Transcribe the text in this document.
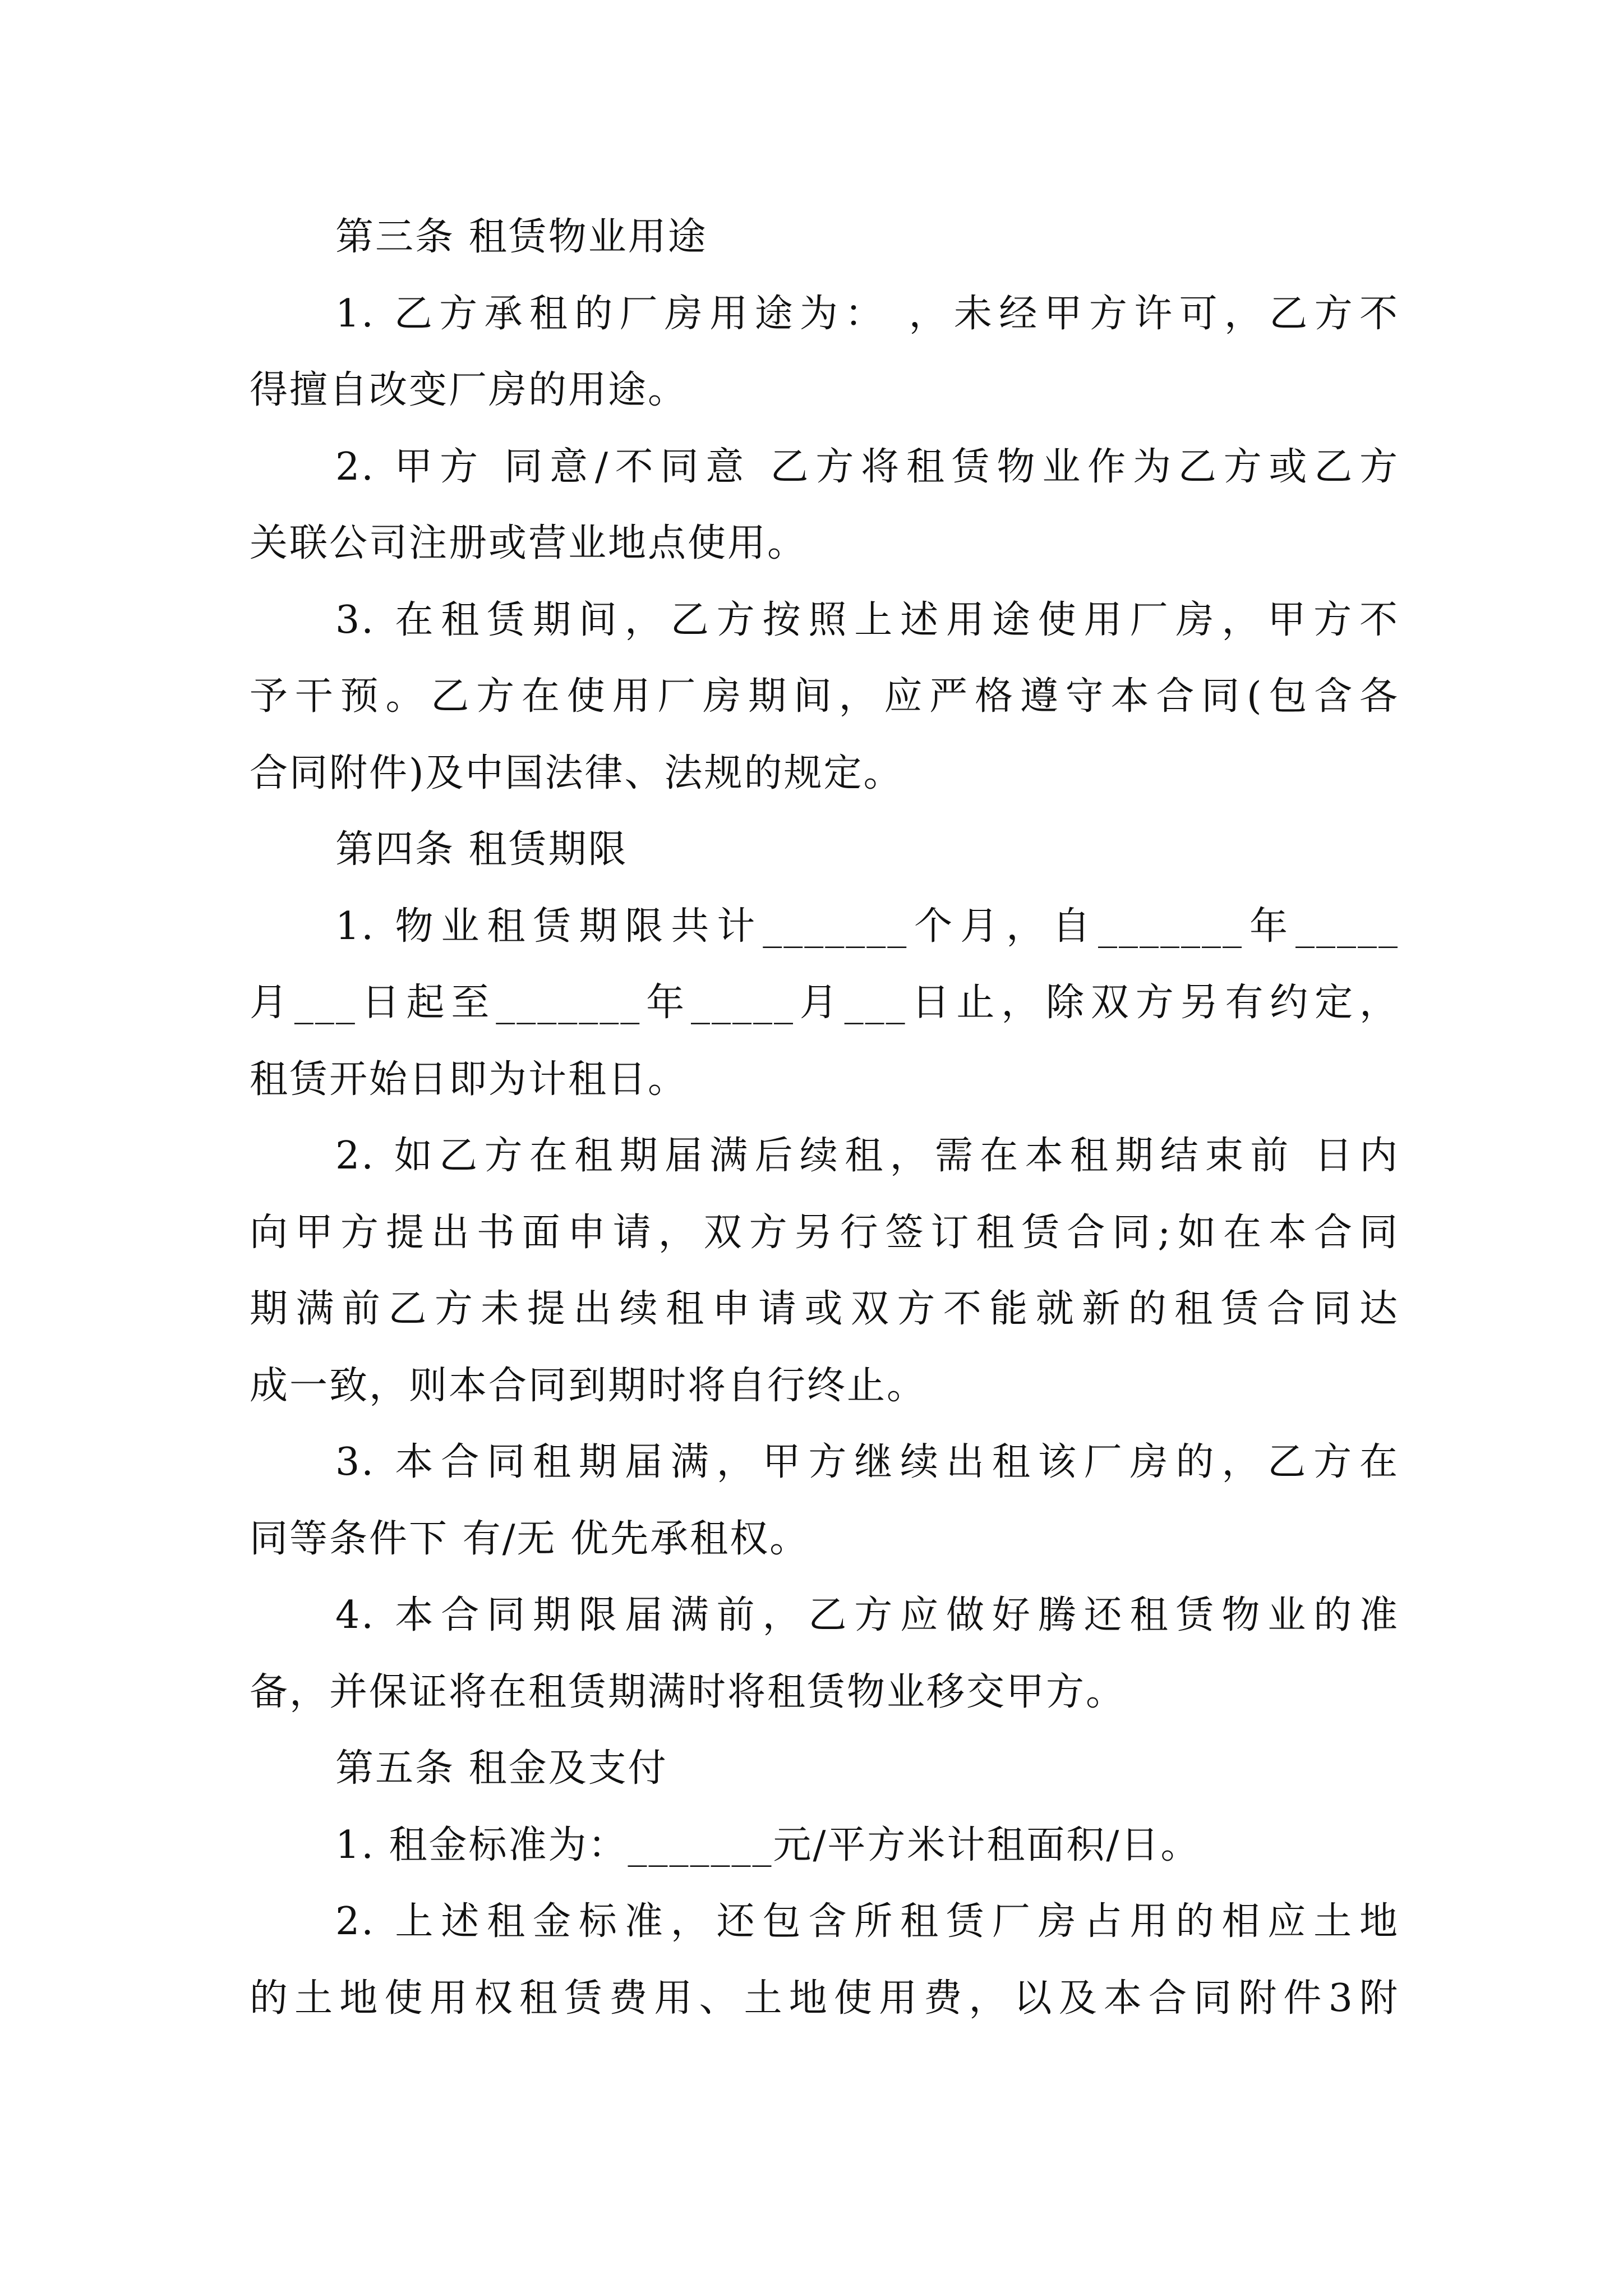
第三条 租赁物业用途
1. 乙方承租的厂房用途为： ，未经甲方许可，乙方不
得擅自改变厂房的用途。
2. 甲方 同意/不同意 乙方将租赁物业作为乙方或乙方
关联公司注册或营业地点使用。
3. 在租赁期间，乙方按照上述用途使用厂房，甲方不
予干预。乙方在使用厂房期间，应严格遵守本合同(包含各
合同附件)及中国法律、法规的规定。
第四条 租赁期限
1. 物业租赁期限共计_______个月，自_______年_____
月___日起至_______年_____月___日止，除双方另有约定，
租赁开始日即为计租日。
2. 如乙方在租期届满后续租，需在本租期结束前 日内
向甲方提出书面申请，双方另行签订租赁合同;如在本合同
期满前乙方未提出续租申请或双方不能就新的租赁合同达
成一致，则本合同到期时将自行终止。
3. 本合同租期届满，甲方继续出租该厂房的，乙方在
同等条件下 有/无 优先承租权。
4. 本合同期限届满前，乙方应做好腾还租赁物业的准
备，并保证将在租赁期满时将租赁物业移交甲方。
第五条 租金及支付
1. 租金标准为：_______元/平方米计租面积/日。
2. 上述租金标准，还包含所租赁厂房占用的相应土地
的土地使用权租赁费用、土地使用费，以及本合同附件3附
